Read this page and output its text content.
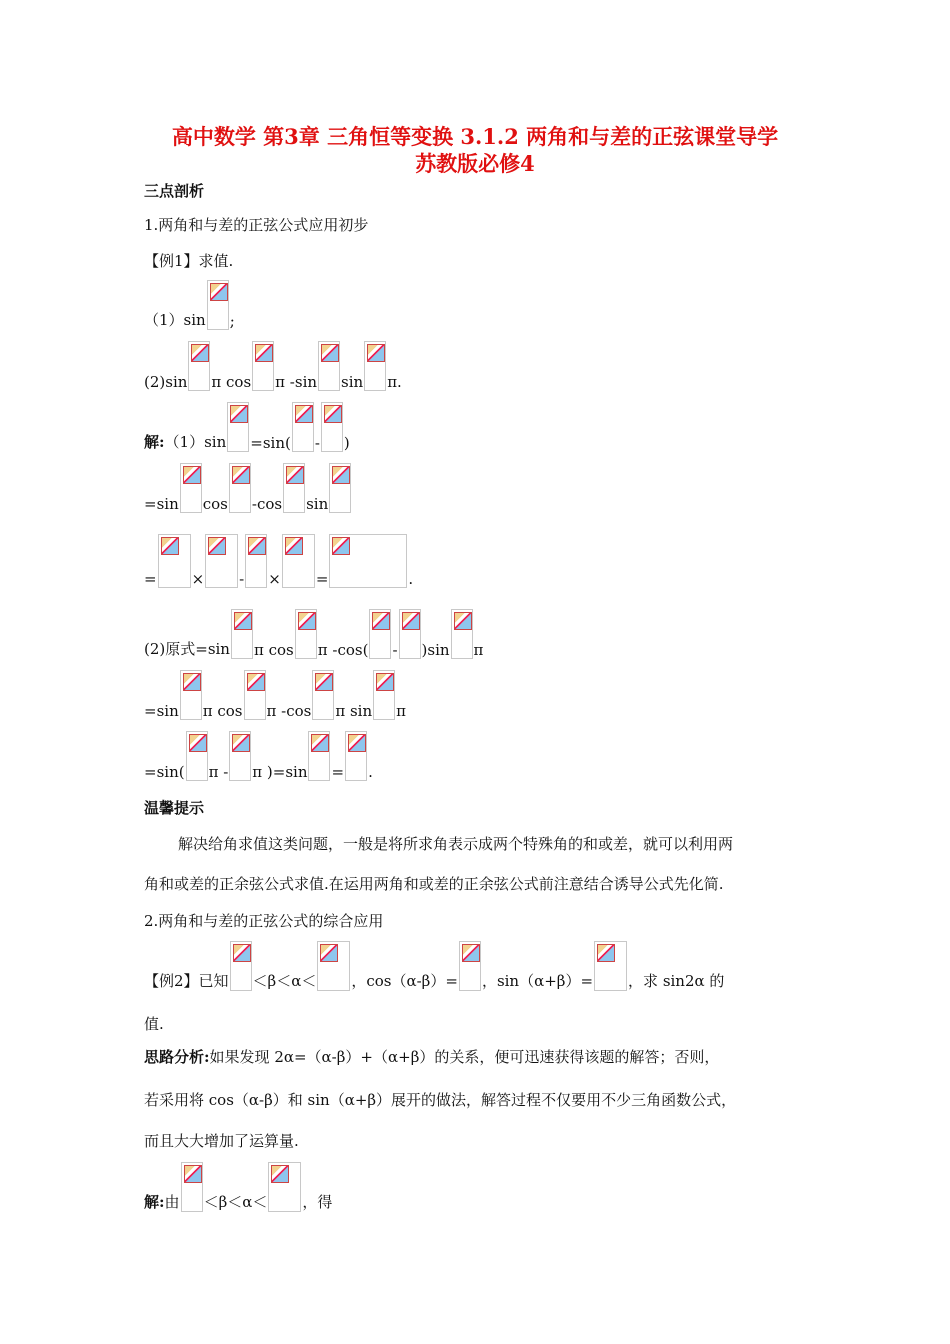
高中数学 第3章 三角恒等变换 3.1.2 两角和与差的正弦课堂导学
苏教版必修4
三点剖析
1.两角和与差的正弦公式应用初步
【例1】求值.
（1）sin ;
(2)sin π cos π -sin sin π.
解:（1）sin =sin( - )
=sin cos -cos sin
= × - × =	.
(2)原式=sin π cos π -cos( - )sin π
=sin π cos π -cos π sin π
=sin( π - π )=sin = .
温馨提示
解决给角求值这类问题，一般是将所求角表示成两个特殊角的和或差，就可以利用两
角和或差的正余弦公式求值.在运用两角和或差的正余弦公式前注意结合诱导公式先化简.
2.两角和与差的正弦公式的综合应用
【例2】已知 ＜β＜α＜ ，cos（α-β）= ，sin（α+β）= ，求 sin2α 的
值.
思路分析:如果发现 2α=（α-β）+（α+β）的关系，便可迅速获得该题的解答；否则，
若采用将 cos（α-β）和 sin（α+β）展开的做法，解答过程不仅要用不少三角函数公式，
而且大大增加了运算量.
解:由 ＜β＜α＜ ，得
